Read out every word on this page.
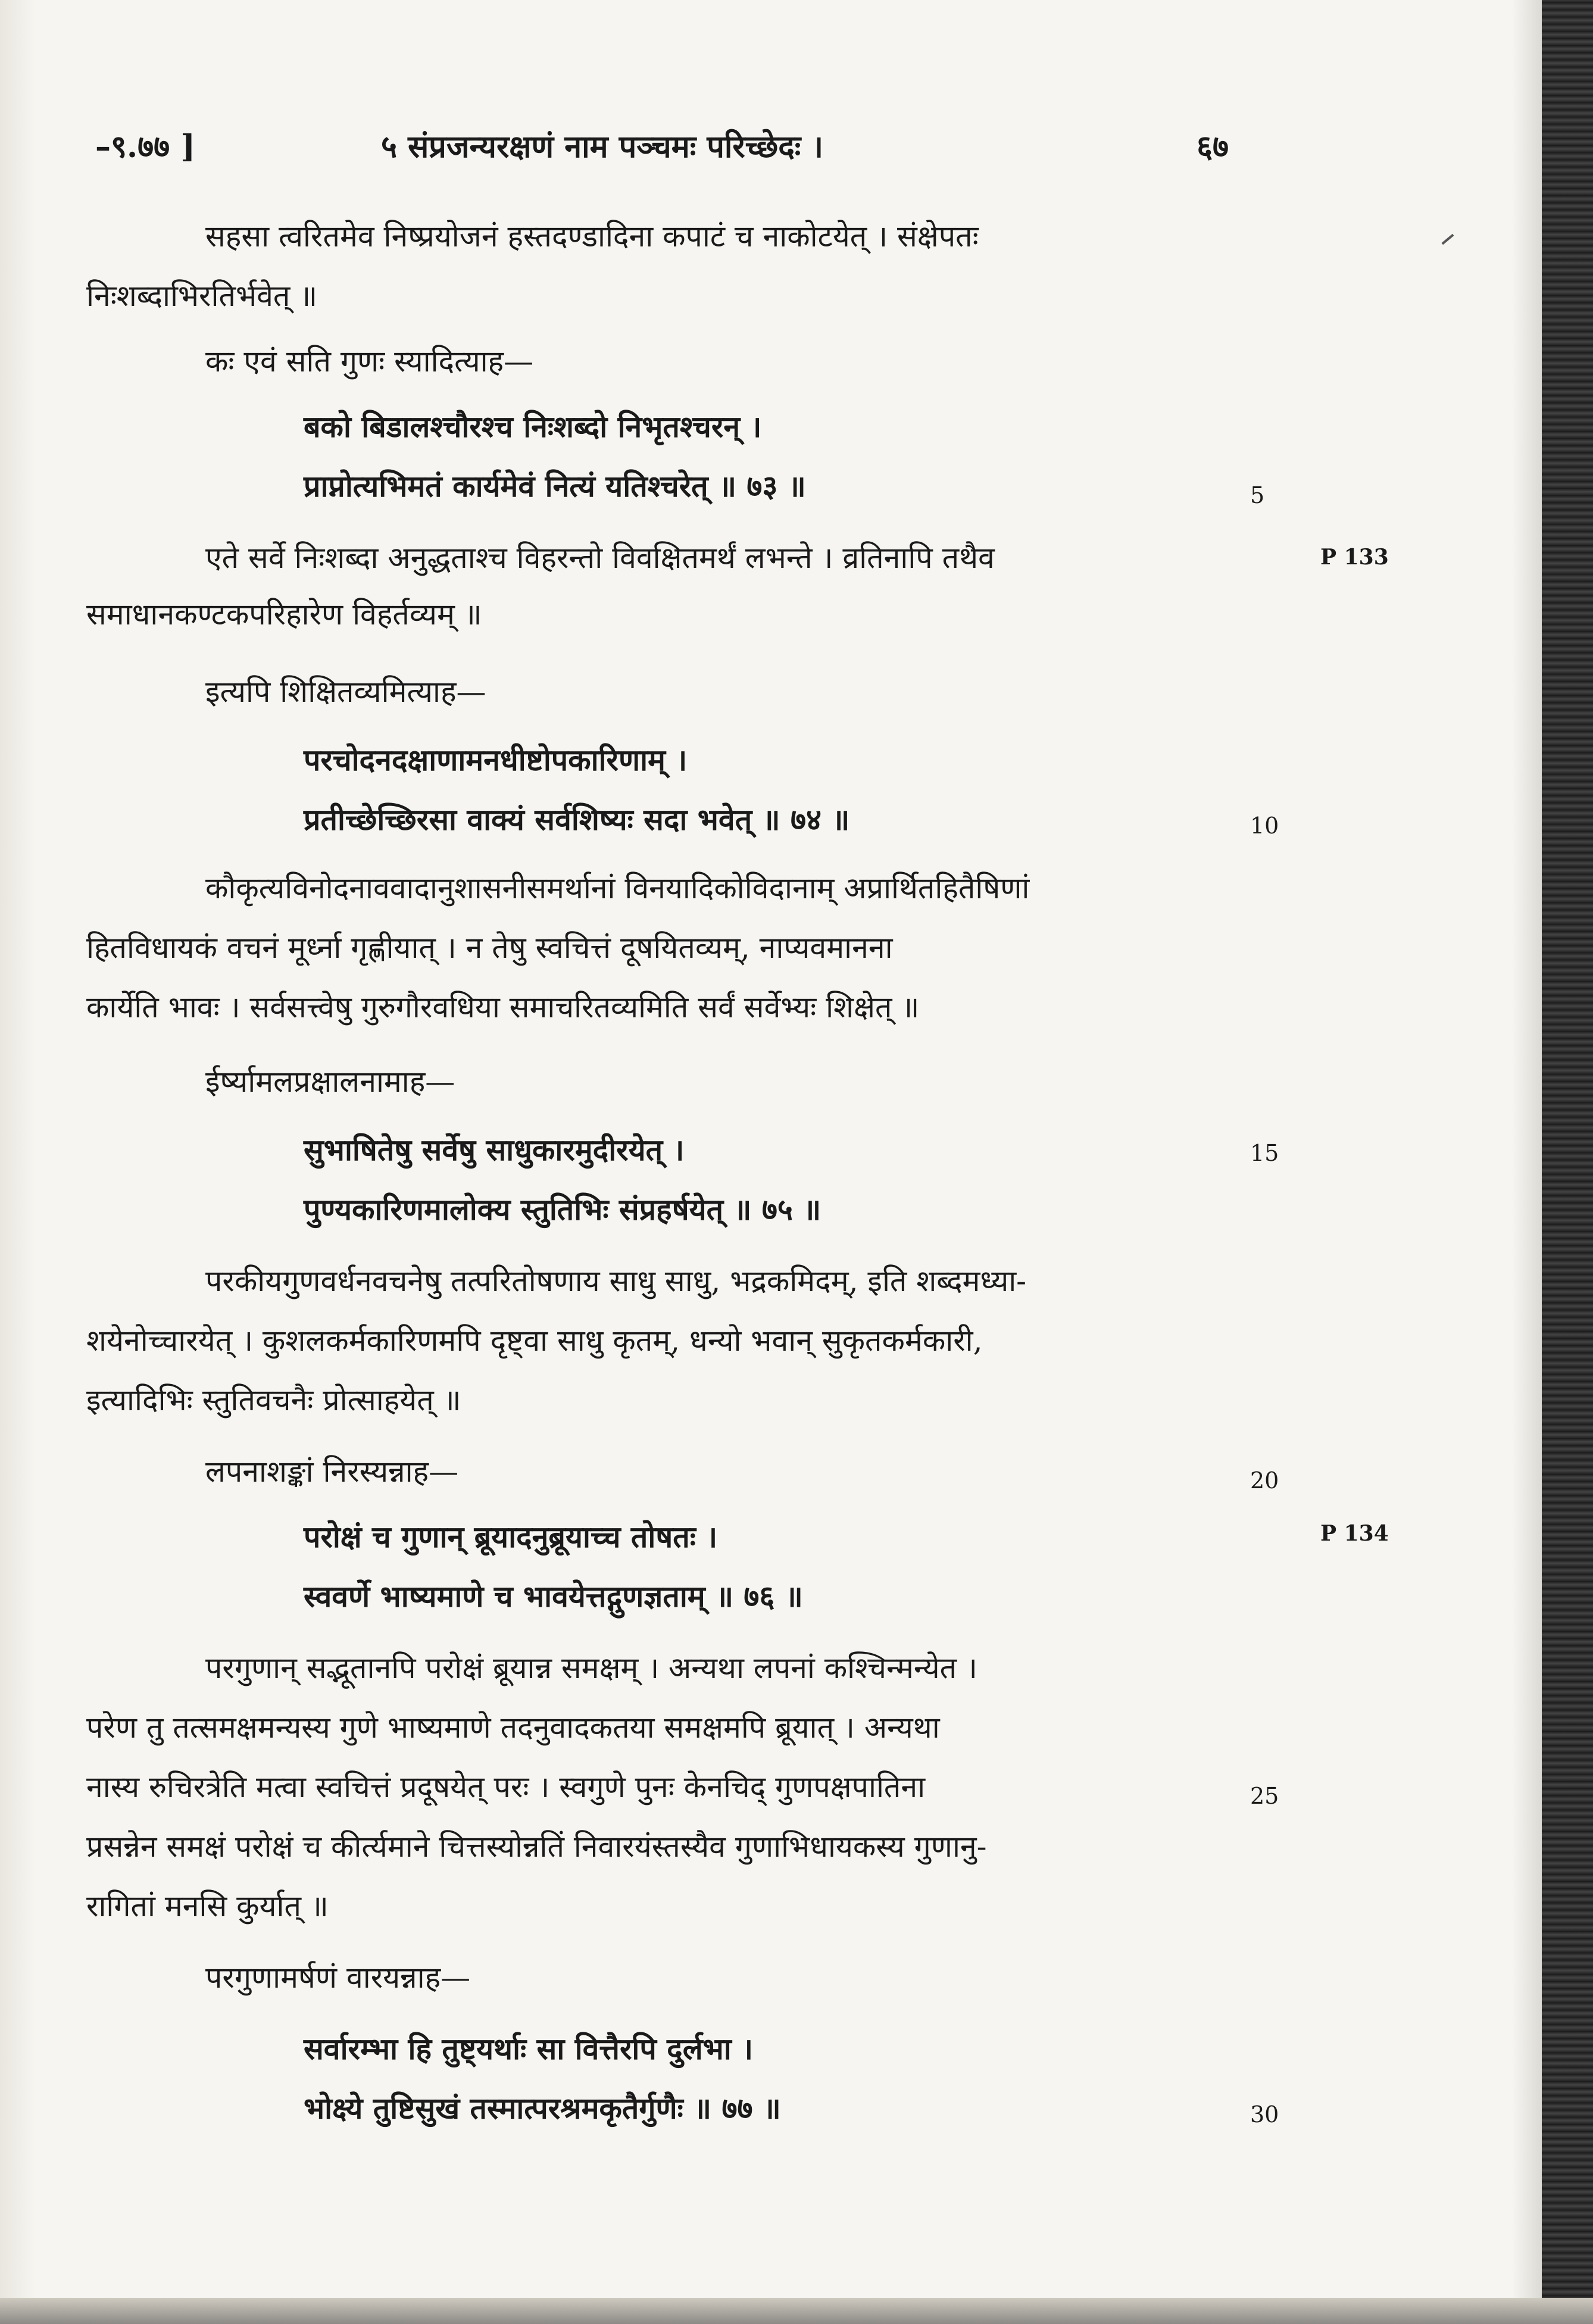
–९.७७ ]	५ संप्रजन्यरक्षणं नाम पञ्चमः परिच्छेदः ।	६७
सहसा त्वरितमेव निष्प्रयोजनं हस्तदण्डादिना कपाटं च नाकोटयेत् । संक्षेपतः
निःशब्दाभिरतिर्भवेत् ॥
कः एवं सति गुणः स्यादित्याह—
बको बिडालश्चौरश्च निःशब्दो निभृतश्चरन् ।
प्राप्नोत्यभिमतं कार्यमेवं नित्यं यतिश्चरेत् ॥ ७३ ॥
एते सर्वे निःशब्दा अनुद्धताश्च विहरन्तो विवक्षितमर्थं लभन्ते । व्रतिनापि तथैव
समाधानकण्टकपरिहारेण विहर्तव्यम् ॥
इत्यपि शिक्षितव्यमित्याह—
परचोदनदक्षाणामनधीष्टोपकारिणाम् ।
प्रतीच्छेच्छिरसा वाक्यं सर्वशिष्यः सदा भवेत् ॥ ७४ ॥
कौकृत्यविनोदनाववादानुशासनीसमर्थानां विनयादिकोविदानाम् अप्रार्थितहितैषिणां
हितविधायकं वचनं मूर्ध्ना गृह्णीयात् । न तेषु स्वचित्तं दूषयितव्यम्, नाप्यवमानना
कार्येति भावः । सर्वसत्त्वेषु गुरुगौरवधिया समाचरितव्यमिति सर्वं सर्वेभ्यः शिक्षेत् ॥
ईर्ष्यामलप्रक्षालनामाह—
सुभाषितेषु सर्वेषु साधुकारमुदीरयेत् ।
पुण्यकारिणमालोक्य स्तुतिभिः संप्रहर्षयेत् ॥ ७५ ॥
परकीयगुणवर्धनवचनेषु तत्परितोषणाय साधु साधु, भद्रकमिदम्, इति शब्दमध्या-
शयेनोच्चारयेत् । कुशलकर्मकारिणमपि दृष्ट्वा साधु कृतम्, धन्यो भवान् सुकृतकर्मकारी,
इत्यादिभिः स्तुतिवचनैः प्रोत्साहयेत् ॥
लपनाशङ्कां निरस्यन्नाह—
परोक्षं च गुणान् ब्रूयादनुब्रूयाच्च तोषतः ।
स्ववर्णे भाष्यमाणे च भावयेत्तद्गुणज्ञताम् ॥ ७६ ॥
परगुणान् सद्भूतानपि परोक्षं ब्रूयान्न समक्षम् । अन्यथा लपनां कश्चिन्मन्येत ।
परेण तु तत्समक्षमन्यस्य गुणे भाष्यमाणे तदनुवादकतया समक्षमपि ब्रूयात् । अन्यथा
नास्य रुचिरत्रेति मत्वा स्वचित्तं प्रदूषयेत् परः । स्वगुणे पुनः केनचिद् गुणपक्षपातिना
प्रसन्नेन समक्षं परोक्षं च कीर्त्यमाने चित्तस्योन्नतिं निवारयंस्तस्यैव गुणाभिधायकस्य गुणानु-
रागितां मनसि कुर्यात् ॥
परगुणामर्षणं वारयन्नाह—
सर्वारम्भा हि तुष्ट्यर्थाः सा वित्तैरपि दुर्लभा ।
भोक्ष्ये तुष्टिसुखं तस्मात्परश्रमकृतैर्गुणैः ॥ ७७ ॥
5
10
15
20
25
30
P 133
P 134
